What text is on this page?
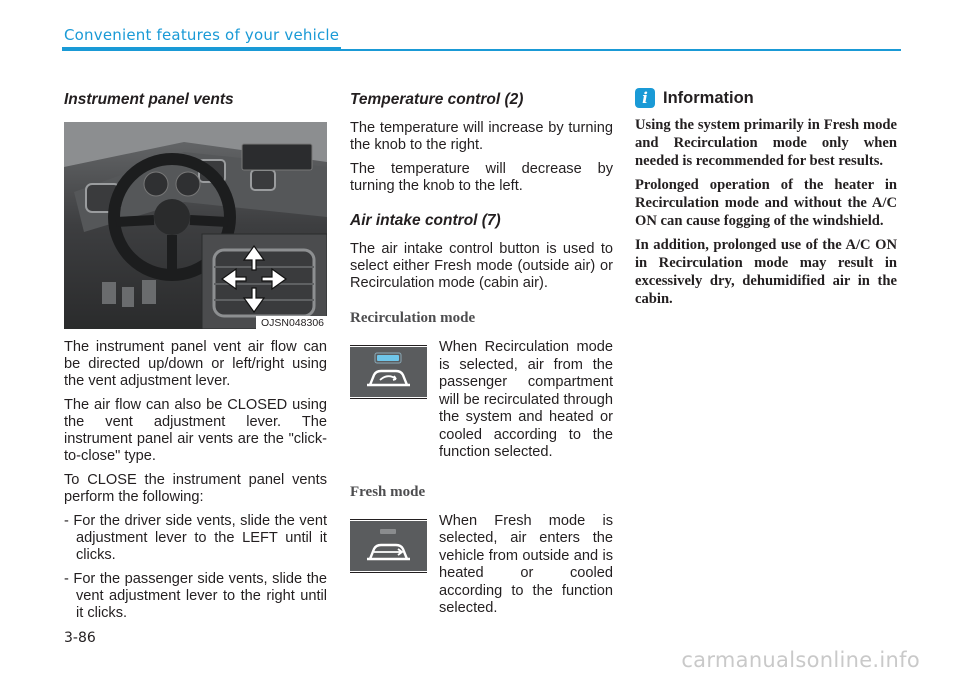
Convenient features of your vehicle
Instrument panel vents
OJSN048306

The instrument panel vent air flow can be directed up/down or left/right using the vent adjustment lever.

The air flow can also be CLOSED using the vent adjustment lever. The instrument panel air vents are the "click-to-close" type.

To CLOSE the instrument panel vents perform the following:

- For the driver side vents, slide the vent adjustment lever to the LEFT until it clicks.
- For the passenger side vents, slide the vent adjustment lever to the right until it clicks.
Temperature control (2)

The temperature will increase by turning the knob to the right.

The temperature will decrease by turning the knob to the left.

Air intake control (7)

The air intake control button is used to select either Fresh mode (outside air) or Recirculation mode (cabin air).

Recirculation mode
When Recirculation mode is selected, air from the passenger compartment will be recirculated through the system and heated or cooled according to the function selected.
Fresh mode
When Fresh mode is selected, air enters the vehicle from outside and is heated or cooled according to the function selected.
i Information

Using the system primarily in Fresh mode and Recirculation mode only when needed is recommended for best results.

Prolonged operation of the heater in Recirculation mode and without the A/C ON can cause fogging of the windshield.

In addition, prolonged use of the A/C ON in Recirculation mode may result in excessively dry, dehumidified air in the cabin.

3-86
carmanualsonline.info
